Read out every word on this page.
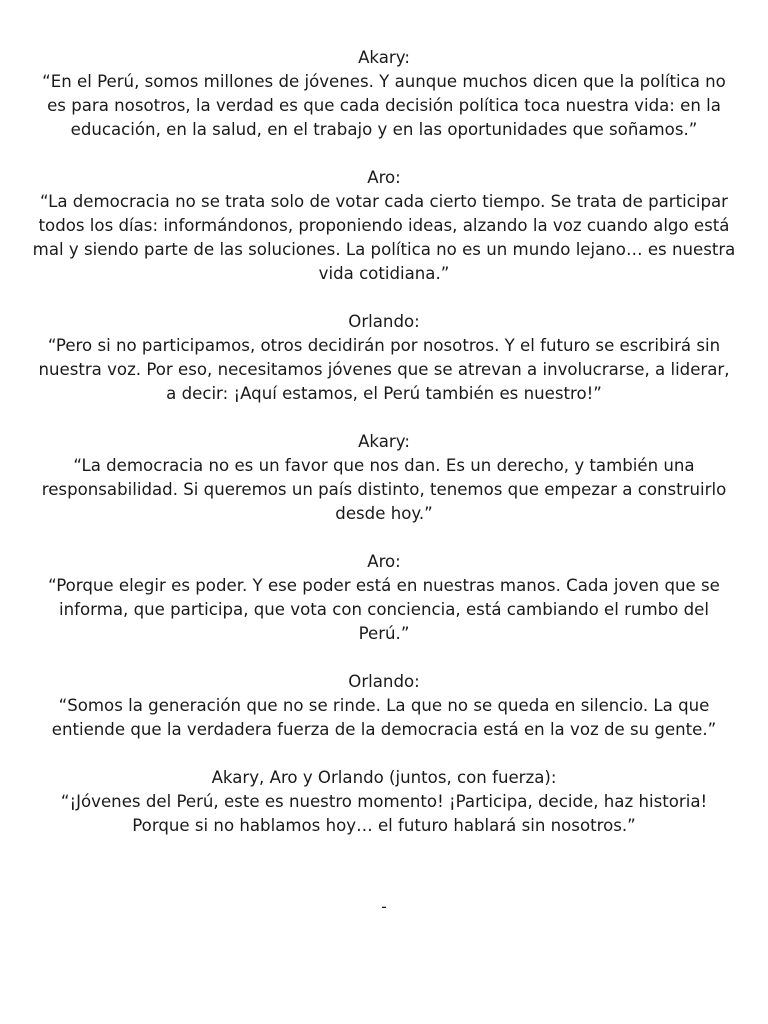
Akary:
“En el Perú, somos millones de jóvenes. Y aunque muchos dicen que la política no
es para nosotros, la verdad es que cada decisión política toca nuestra vida: en la
educación, en la salud, en el trabajo y en las oportunidades que soñamos.”
Aro:
“La democracia no se trata solo de votar cada cierto tiempo. Se trata de participar
todos los días: informándonos, proponiendo ideas, alzando la voz cuando algo está
mal y siendo parte de las soluciones. La política no es un mundo lejano… es nuestra
vida cotidiana.”
Orlando:
“Pero si no participamos, otros decidirán por nosotros. Y el futuro se escribirá sin
nuestra voz. Por eso, necesitamos jóvenes que se atrevan a involucrarse, a liderar,
a decir: ¡Aquí estamos, el Perú también es nuestro!”
Akary:
“La democracia no es un favor que nos dan. Es un derecho, y también una
responsabilidad. Si queremos un país distinto, tenemos que empezar a construirlo
desde hoy.”
Aro:
“Porque elegir es poder. Y ese poder está en nuestras manos. Cada joven que se
informa, que participa, que vota con conciencia, está cambiando el rumbo del
Perú.”
Orlando:
“Somos la generación que no se rinde. La que no se queda en silencio. La que
entiende que la verdadera fuerza de la democracia está en la voz de su gente.”
Akary, Aro y Orlando (juntos, con fuerza):
“¡Jóvenes del Perú, este es nuestro momento! ¡Participa, decide, haz historia!
Porque si no hablamos hoy… el futuro hablará sin nosotros.”
-
